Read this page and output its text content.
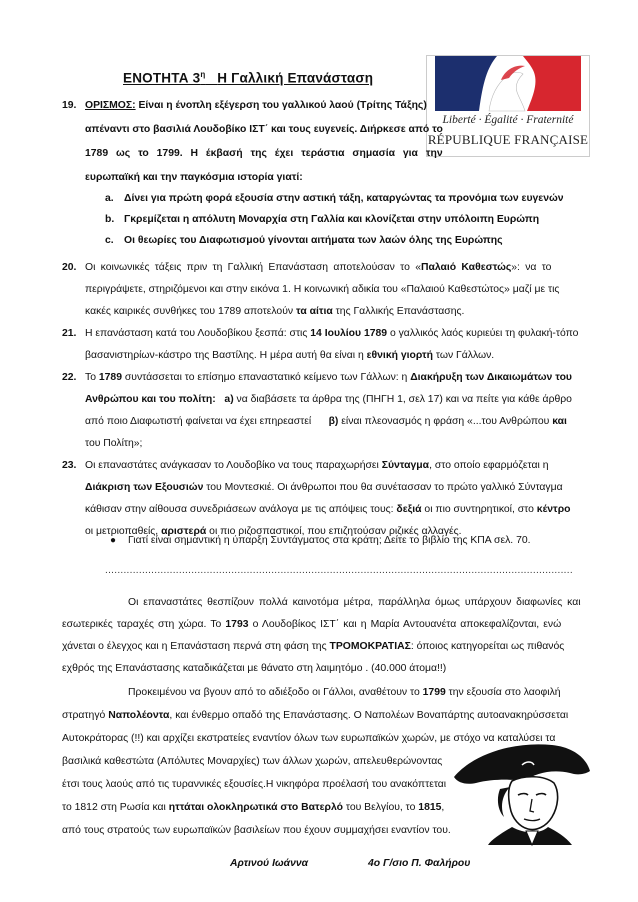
ΕΝΟΤΗΤΑ $3^\eta$ Η Γαλλική Επανάσταση
Liberté · Égalité · Fraternité
RÉPUBLIQUE FRANÇAISE
19. ΟΡΙΣΜΟΣ: Είναι η ένοπλη εξέγερση του γαλλικού λαού (Τρίτης Τάξης)
απέναντι στο βασιλιά Λουδοβίκο ΙΣΤ΄ και τους ευγενείς. Διήρκεσε από το
1789 ως το 1799. Η έκβασή της έχει τεράστια σημασία για την
ευρωπαϊκή και την παγκόσμια ιστορία γιατί:
a. Δίνει για πρώτη φορά εξουσία στην αστική τάξη, καταργώντας τα προνόμια των ευγενών
b. Γκρεμίζεται η απόλυτη Μοναρχία στη Γαλλία και κλονίζεται στην υπόλοιπη Ευρώπη
c. Οι θεωρίες του Διαφωτισμού γίνονται αιτήματα των λαών όλης της Ευρώπης
20. Οι κοινωνικές τάξεις πριν τη Γαλλική Επανάσταση αποτελούσαν το «Παλαιό Καθεστώς»: να το
περιγράψετε, στηριζόμενοι και στην εικόνα 1. Η κοινωνική αδικία του «Παλαιού Καθεστώτος» μαζί με τις
κακές καιρικές συνθήκες του 1789 αποτελούν τα αίτια της Γαλλικής Επανάστασης.
21. Η επανάσταση κατά του Λουδοβίκου ξεσπά: στις 14 Ιουλίου 1789 ο γαλλικός λαός κυριεύει τη φυλακή-τόπο
βασανιστηρίων-κάστρο της Βαστίλης. Η μέρα αυτή θα είναι η εθνική γιορτή των Γάλλων.
22. Το 1789 συντάσσεται το επίσημο επαναστατικό κείμενο των Γάλλων: η Διακήρυξη των Δικαιωμάτων του
Ανθρώπου και του πολίτη: a) να διαβάσετε τα άρθρα της (ΠΗΓΗ 1, σελ 17) και να πείτε για κάθε άρθρο
από ποιο Διαφωτιστή φαίνεται να έχει επηρεαστεί β) είναι πλεονασμός η φράση «...του Ανθρώπου και
του Πολίτη»;
23. Οι επαναστάτες ανάγκασαν το Λουδοβίκο να τους παραχωρήσει Σύνταγμα, στο οποίο εφαρμόζεται η
Διάκριση των Εξουσιών του Μοντεσκιέ. Οι άνθρωποι που θα συνέτασσαν το πρώτο γαλλικό Σύνταγμα
κάθισαν στην αίθουσα συνεδριάσεων ανάλογα με τις απόψεις τους: δεξιά οι πιο συντηρητικοί, στο κέντρο
οι μετριοπαθείς, αριστερά οι πιο ριζοσπαστικοί, που επιζητούσαν ριζικές αλλαγές.
● Γιατί είναι σημαντική η ύπαρξη Συντάγματος στα κράτη; Δείτε το βιβλίο της ΚΠΑ σελ. 70.
........................................................................................................................................................
Οι επαναστάτες θεσπίζουν πολλά καινοτόμα μέτρα, παράλληλα όμως υπάρχουν διαφωνίες και
εσωτερικές ταραχές στη χώρα. Το 1793 ο Λουδοβίκος ΙΣΤ΄ και η Μαρία Αντουανέτα αποκεφαλίζονται, ενώ
χάνεται ο έλεγχος και η Επανάσταση περνά στη φάση της ΤΡΟΜΟΚΡΑΤΙΑΣ: όποιος κατηγορείται ως πιθανός
εχθρός της Επανάστασης καταδικάζεται με θάνατο στη λαιμητόμο . (40.000 άτομα!!)
Προκειμένου να βγουν από το αδιέξοδο οι Γάλλοι, αναθέτουν το 1799 την εξουσία στο λαοφιλή
στρατηγό Ναπολέοντα, και ένθερμο οπαδό της Επανάστασης. Ο Ναπολέων Βοναπάρτης αυτοανακηρύσσεται
Αυτοκράτορας (!!) και αρχίζει εκστρατείες εναντίον όλων των ευρωπαϊκών χωρών, με στόχο να καταλύσει τα
βασιλικά καθεστώτα (Απόλυτες Μοναρχίες) των άλλων χωρών, απελευθερώνοντας
έτσι τους λαούς από τις τυραννικές εξουσίες.Η νικηφόρα προέλασή του ανακόπτεται
το 1812 στη Ρωσία και ηττάται ολοκληρωτικά στο Βατερλό του Βελγίου, το 1815,
από τους στρατούς των ευρωπαϊκών βασιλείων που έχουν συμμαχήσει εναντίον του.
Αρτινού Ιωάννα	4ο Γ/σιο Π. Φαλήρου
